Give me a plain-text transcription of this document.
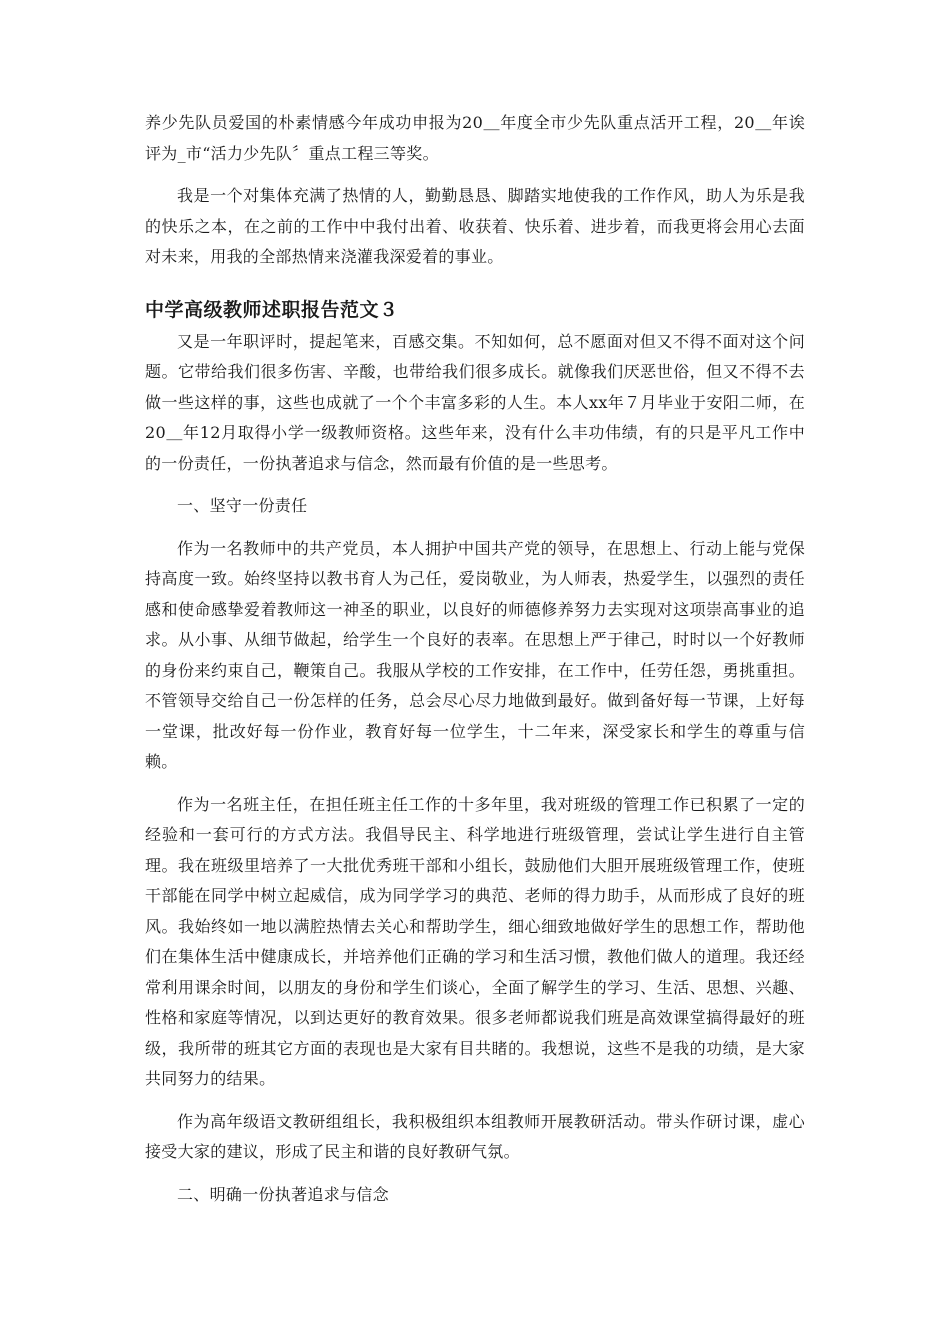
养少先队员爱国的朴素情感今年成功申报为20＿年度全市少先队重点活开工程，20＿年诶评为_市“活力少先队〞重点工程三等奖。

我是一个对集体充满了热情的人，勤勤恳恳、脚踏实地使我的工作作风，助人为乐是我的快乐之本，在之前的工作中中我付出着、收获着、快乐着、进步着，而我更将会用心去面对未来，用我的全部热情来浇灌我深爱着的事业。

中学高级教师述职报告范文３

又是一年职评时，提起笔来，百感交集。不知如何，总不愿面对但又不得不面对这个问题。它带给我们很多伤害、辛酸，也带给我们很多成长。就像我们厌恶世俗，但又不得不去做一些这样的事，这些也成就了一个个丰富多彩的人生。本人xx年７月毕业于安阳二师，在20＿年12月取得小学一级教师资格。这些年来，没有什么丰功伟绩，有的只是平凡工作中的一份责任，一份执著追求与信念，然而最有价值的是一些思考。

一、坚守一份责任

作为一名教师中的共产党员，本人拥护中国共产党的领导，在思想上、行动上能与党保持高度一致。始终坚持以教书育人为己任，爱岗敬业，为人师表，热爱学生，以强烈的责任感和使命感挚爱着教师这一神圣的职业，以良好的师德修养努力去实现对这项崇高事业的追求。从小事、从细节做起，给学生一个良好的表率。在思想上严于律己，时时以一个好教师的身份来约束自己，鞭策自己。我服从学校的工作安排，在工作中，任劳任怨，勇挑重担。不管领导交给自己一份怎样的任务，总会尽心尽力地做到最好。做到备好每一节课，上好每一堂课，批改好每一份作业，教育好每一位学生，十二年来，深受家长和学生的尊重与信赖。

作为一名班主任，在担任班主任工作的十多年里，我对班级的管理工作已积累了一定的经验和一套可行的方式方法。我倡导民主、科学地进行班级管理，尝试让学生进行自主管理。我在班级里培养了一大批优秀班干部和小组长，鼓励他们大胆开展班级管理工作，使班干部能在同学中树立起威信，成为同学学习的典范、老师的得力助手，从而形成了良好的班风。我始终如一地以满腔热情去关心和帮助学生，细心细致地做好学生的思想工作，帮助他们在集体生活中健康成长，并培养他们正确的学习和生活习惯，教他们做人的道理。我还经常利用课余时间，以朋友的身份和学生们谈心，全面了解学生的学习、生活、思想、兴趣、性格和家庭等情况，以到达更好的教育效果。很多老师都说我们班是高效课堂搞得最好的班级，我所带的班其它方面的表现也是大家有目共睹的。我想说，这些不是我的功绩，是大家共同努力的结果。

作为高年级语文教研组组长，我积极组织本组教师开展教研活动。带头作研讨课，虚心接受大家的建议，形成了民主和谐的良好教研气氛。

二、明确一份执著追求与信念
